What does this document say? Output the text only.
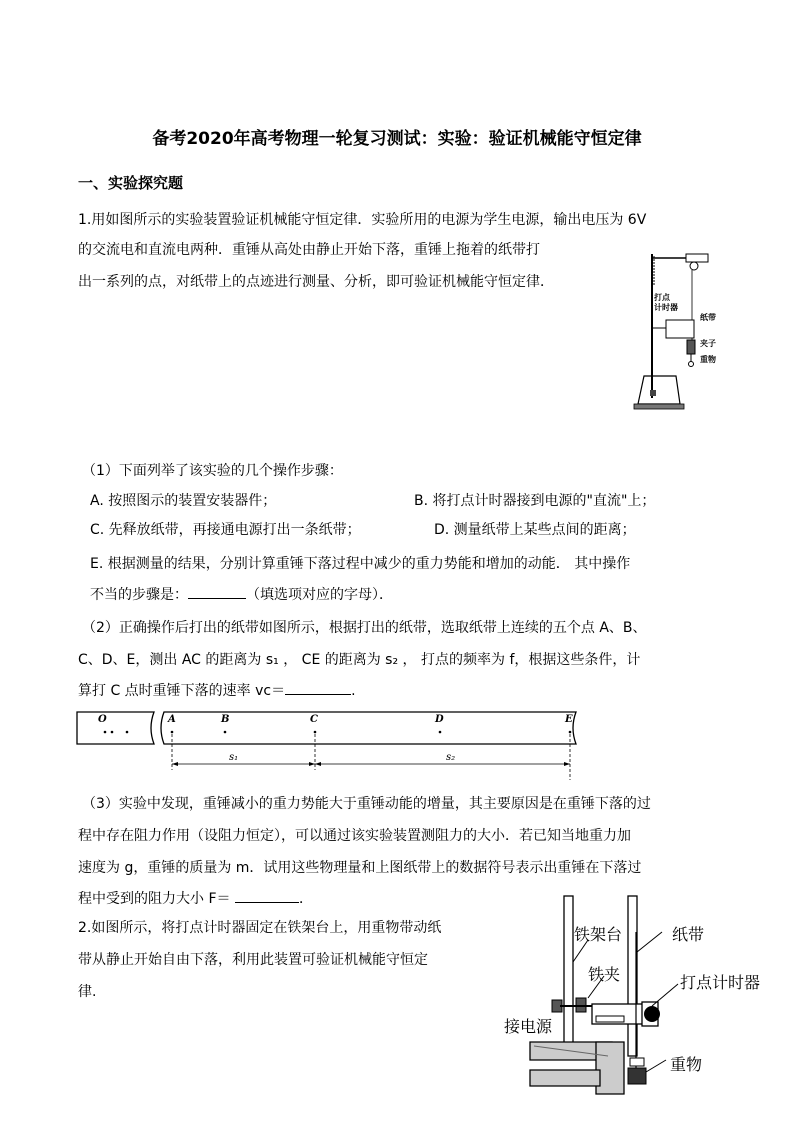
备考2020年高考物理一轮复习测试：实验：验证机械能守恒定律
一、实验探究题
1.用如图所示的实验装置验证机械能守恒定律．实验所用的电源为学生电源，输出电压为 6V
的交流电和直流电两种．重锤从高处由静止开始下落，重锤上拖着的纸带打
出一系列的点，对纸带上的点迹进行测量、分析，即可验证机械能守恒定律．
打点计时器
纸带
夹子
重物
（1）下面列举了该实验的几个操作步骤：
A. 按照图示的装置安装器件；	B. 将打点计时器接到电源的"直流"上；
C. 先释放纸带，再接通电源打出一条纸带；	D. 测量纸带上某些点间的距离；
E. 根据测量的结果，分别计算重锤下落过程中减少的重力势能和增加的动能． 其中操作
不当的步骤是：	（填选项对应的字母）．
（2）正确操作后打出的纸带如图所示，根据打出的纸带，选取纸带上连续的五个点 A、B、
C、D、E，测出 AC 的距离为 s₁ ， CE 的距离为 s₂ ， 打点的频率为 f，根据这些条件，计
算打 C 点时重锤下落的速率 vc＝	.
O	A	B	C	D	E
s₁	s₂
（3）实验中发现，重锤减小的重力势能大于重锤动能的增量，其主要原因是在重锤下落的过
程中存在阻力作用（设阻力恒定），可以通过该实验装置测阻力的大小．若已知当地重力加
速度为 g，重锤的质量为 m．试用这些物理量和上图纸带上的数据符号表示出重锤在下落过
程中受到的阻力大小 F＝	．
2.如图所示，将打点计时器固定在铁架台上，用重物带动纸
带从静止开始自由下落，利用此装置可验证机械能守恒定
律.
铁架台	纸带
铁夹	打点计时器
接电源
重物
